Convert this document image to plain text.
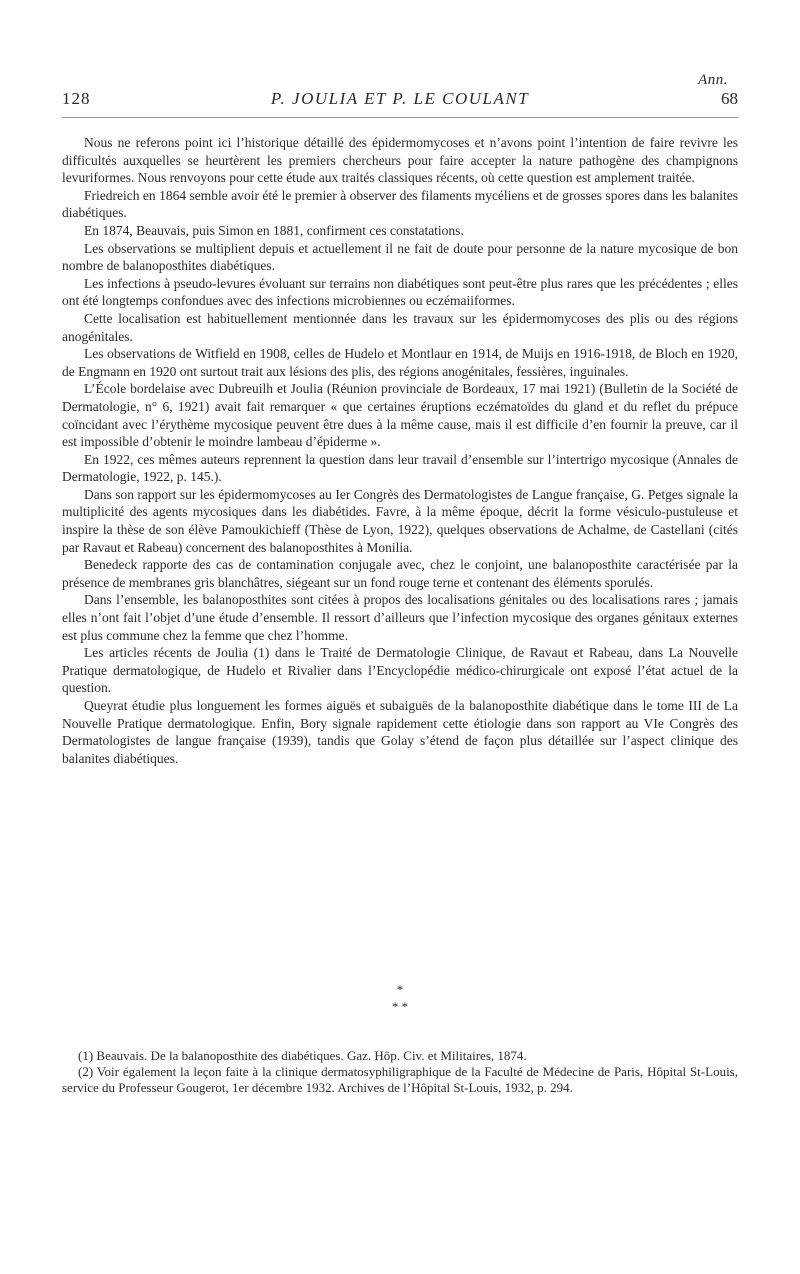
Ann.
128	P. JOULIA ET P. LE COULANT	68

Nous ne referons point ici l’historique détaillé des épidermomycoses et n’avons point l’intention de faire revivre les difficultés auxquelles se heurtèrent les premiers chercheurs pour faire accepter la nature pathogène des champignons levuriformes. Nous renvoyons pour cette étude aux traités classiques récents, où cette question est amplement traitée.

Friedreich en 1864 semble avoir été le premier à observer des filaments mycéliens et de grosses spores dans les balanites diabétiques.

En 1874, Beauvais, puis Simon en 1881, confirment ces constatations.

Les observations se multiplient depuis et actuellement il ne fait de doute pour personne de la nature mycosique de bon nombre de balanoposthites diabétiques.

Les infections à pseudo-levures évoluant sur terrains non diabétiques sont peut-être plus rares que les précédentes ; elles ont été longtemps confondues avec des infections microbiennes ou eczémaiiformes.

Cette localisation est habituellement mentionnée dans les travaux sur les épidermomycoses des plis ou des régions anogénitales.

Les observations de Witfield en 1908, celles de Hudelo et Montlaur en 1914, de Muijs en 1916-1918, de Bloch en 1920, de Engmann en 1920 ont surtout trait aux lésions des plis, des régions anogénitales, fessières, inguinales.

L’École bordelaise avec Dubreuilh et Joulia (Réunion provinciale de Bordeaux, 17 mai 1921) (Bulletin de la Société de Dermatologie, n° 6, 1921) avait fait remarquer « que certaines éruptions eczématoïdes du gland et du reflet du prépuce coïncidant avec l’érythème mycosique peuvent être dues à la même cause, mais il est difficile d’en fournir la preuve, car il est impossible d’obtenir le moindre lambeau d’épiderme ».

En 1922, ces mêmes auteurs reprennent la question dans leur travail d’ensemble sur l’intertrigo mycosique (Annales de Dermatologie, 1922, p. 145.).

Dans son rapport sur les épidermomycoses au Ier Congrès des Dermatologistes de Langue française, G. Petges signale la multiplicité des agents mycosiques dans les diabétides. Favre, à la même époque, décrit la forme vésiculo-pustuleuse et inspire la thèse de son élève Pamoukichieff (Thèse de Lyon, 1922), quelques observations de Achalme, de Castellani (cités par Ravaut et Rabeau) concernent des balanoposthites à Monilia.

Benedeck rapporte des cas de contamination conjugale avec, chez le conjoint, une balanoposthite caractérisée par la présence de membranes gris blanchâtres, siégeant sur un fond rouge terne et contenant des éléments sporulés.

Dans l’ensemble, les balanoposthites sont citées à propos des localisations génitales ou des localisations rares ; jamais elles n’ont fait l’objet d’une étude d’ensemble. Il ressort d’ailleurs que l’infection mycosique des organes génitaux externes est plus commune chez la femme que chez l’homme.

Les articles récents de Joulia (1) dans le Traité de Dermatologie Clinique, de Ravaut et Rabeau, dans La Nouvelle Pratique dermatologique, de Hudelo et Rivalier dans l’Encyclopédie médico-chirurgicale ont exposé l’état actuel de la question.

Queyrat étudie plus longuement les formes aiguës et subaiguës de la balanoposthite diabétique dans le tome III de La Nouvelle Pratique dermatologique. Enfin, Bory signale rapidement cette étiologie dans son rapport au VIe Congrès des Dermatologistes de langue française (1939), tandis que Golay s’étend de façon plus détaillée sur l’aspect clinique des balanites diabétiques.

*
* *

(1) Beauvais. De la balanoposthite des diabétiques. Gaz. Hôp. Civ. et Militaires, 1874.

(2) Voir également la leçon faite à la clinique dermatosyphiligraphique de la Faculté de Médecine de Paris, Hôpital St-Louis, service du Professeur Gougerot, 1er décembre 1932. Archives de l’Hôpital St-Louis, 1932, p. 294.
